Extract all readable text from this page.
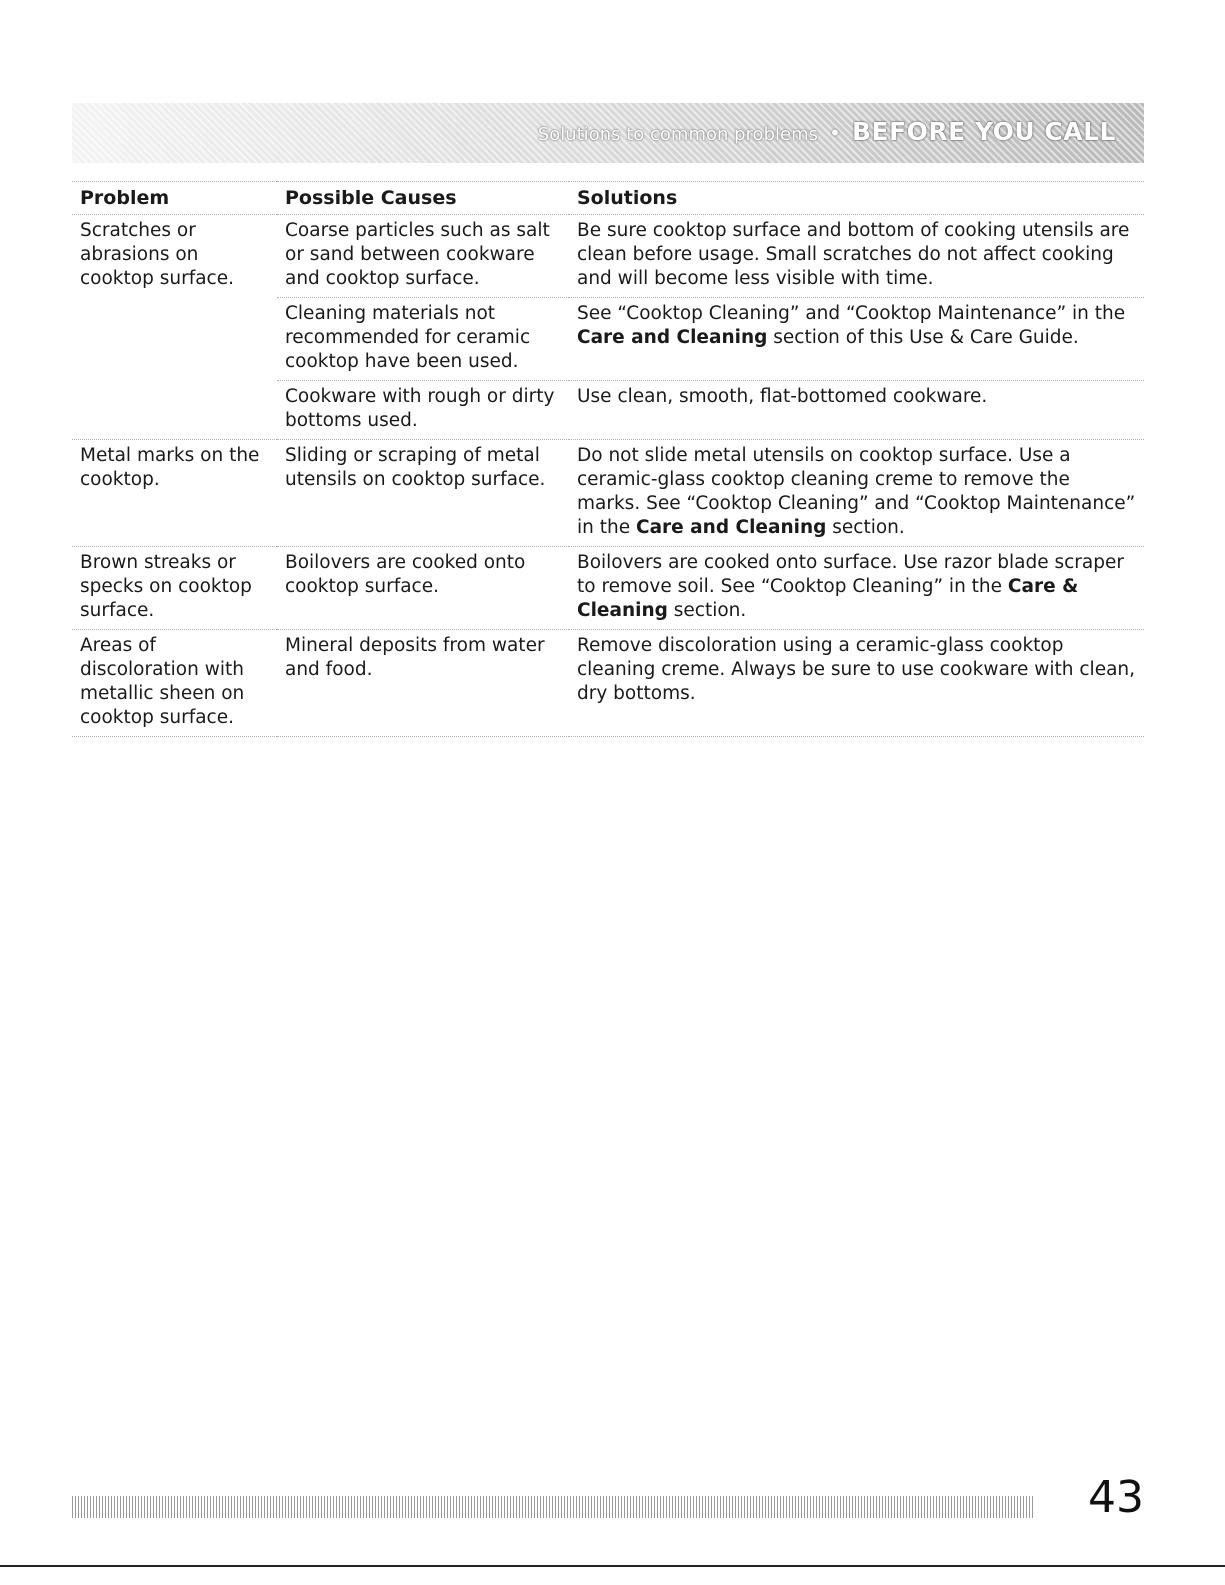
Solutions to common problems • BEFORE YOU CALL
Problem	Possible Causes	Solutions
Scratches or abrasions on cooktop surface.	Coarse particles such as salt or sand between cookware and cooktop surface.	Be sure cooktop surface and bottom of cooking utensils are clean before usage. Small scratches do not affect cooking and will become less visible with time.
	Cleaning materials not recommended for ceramic cooktop have been used.	See “Cooktop Cleaning” and “Cooktop Maintenance” in the Care and Cleaning section of this Use & Care Guide.
	Cookware with rough or dirty bottoms used.	Use clean, smooth, flat-bottomed cookware.
Metal marks on the cooktop.	Sliding or scraping of metal utensils on cooktop surface.	Do not slide metal utensils on cooktop surface. Use a ceramic-glass cooktop cleaning creme to remove the marks. See “Cooktop Cleaning” and “Cooktop Maintenance” in the Care and Cleaning section.
Brown streaks or specks on cooktop surface.	Boilovers are cooked onto cooktop surface.	Boilovers are cooked onto surface. Use razor blade scraper to remove soil. See “Cooktop Cleaning” in the Care & Cleaning section.
Areas of discoloration with metallic sheen on cooktop surface.	Mineral deposits from water and food.	Remove discoloration using a ceramic-glass cooktop cleaning creme. Always be sure to use cookware with clean, dry bottoms.
43
